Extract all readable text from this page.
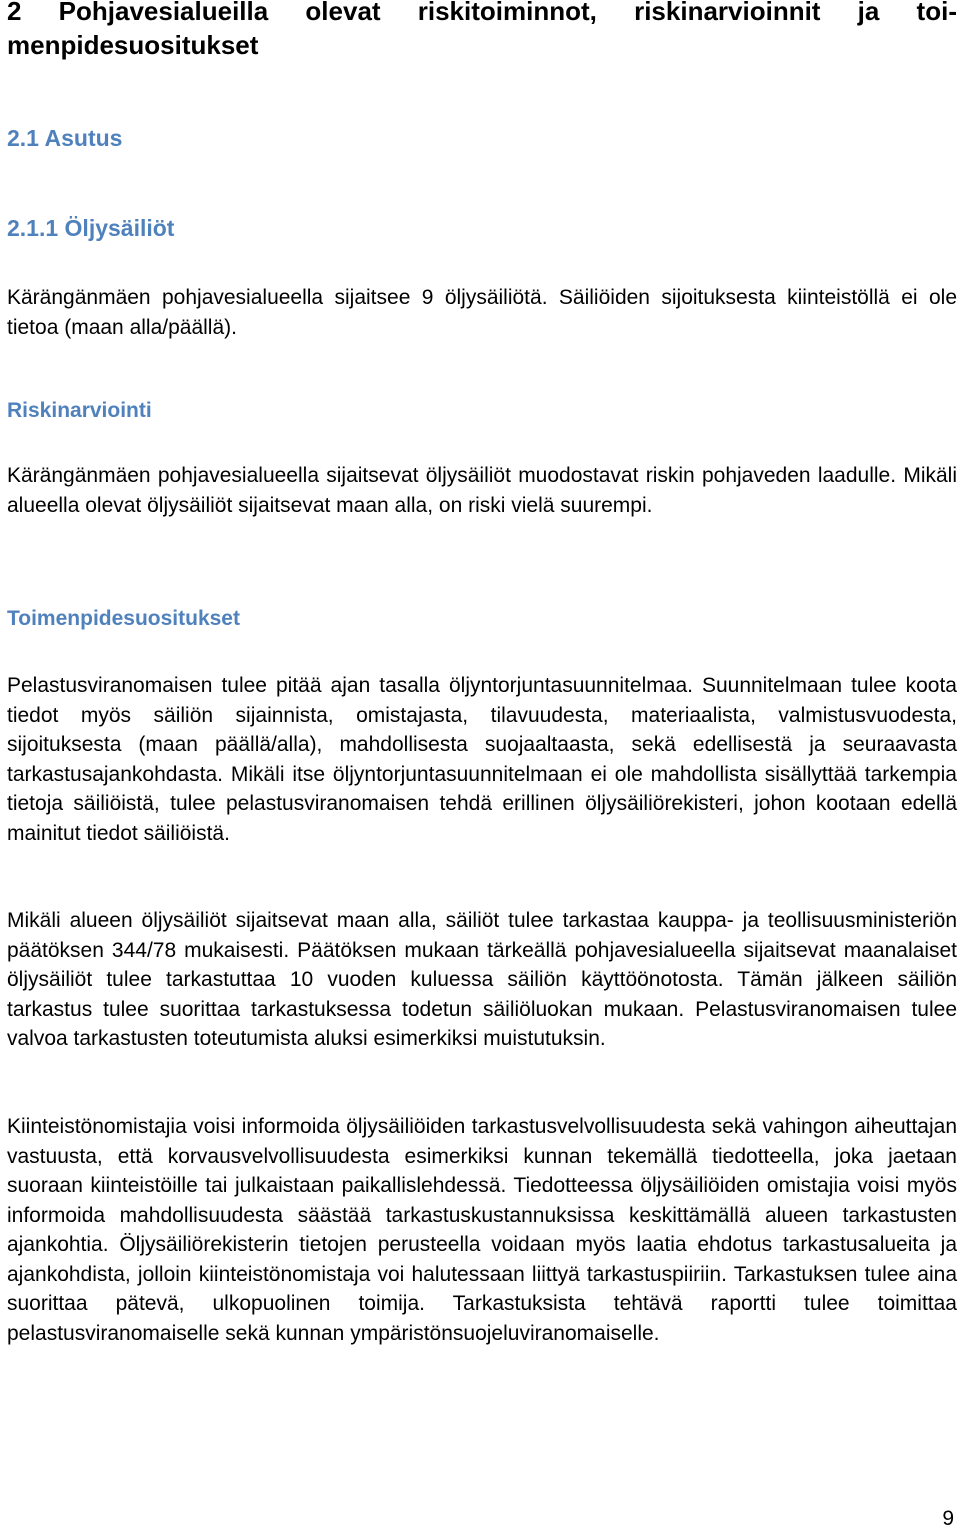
2 Pohjavesialueilla olevat riskitoiminnot, riskinarvioinnit ja toimenpidesuositukset
2.1 Asutus
2.1.1 Öljysäiliöt

Kärängänmäen pohjavesialueella sijaitsee 9 öljysäiliötä. Säiliöiden sijoituksesta kiinteistöllä ei ole tietoa (maan alla/päällä).

Riskinarviointi

Kärängänmäen pohjavesialueella sijaitsevat öljysäiliöt muodostavat riskin pohjaveden laadulle. Mikäli alueella olevat öljysäiliöt sijaitsevat maan alla, on riski vielä suurempi.

Toimenpidesuositukset

Pelastusviranomaisen tulee pitää ajan tasalla öljyntorjuntasuunnitelmaa. Suunnitelmaan tulee koota tiedot myös säiliön sijainnista, omistajasta, tilavuudesta, materiaalista, valmistusvuodesta, sijoituksesta (maan päällä/alla), mahdollisesta suojaaltaasta, sekä edellisestä ja seuraavasta tarkastusajankohdasta. Mikäli itse öljyntorjuntasuunnitelmaan ei ole mahdollista sisällyttää tarkempia tietoja säiliöistä, tulee pelastusviranomaisen tehdä erillinen öljysäiliörekisteri, johon kootaan edellä mainitut tiedot säiliöistä.

Mikäli alueen öljysäiliöt sijaitsevat maan alla, säiliöt tulee tarkastaa kauppa- ja teollisuusministeriön päätöksen 344/78 mukaisesti. Päätöksen mukaan tärkeällä pohjavesialueella sijaitsevat maanalaiset öljysäiliöt tulee tarkastuttaa 10 vuoden kuluessa säiliön käyttöönotosta. Tämän jälkeen säiliön tarkastus tulee suorittaa tarkastuksessa todetun säiliöluokan mukaan. Pelastusviranomaisen tulee valvoa tarkastusten toteutumista aluksi esimerkiksi muistutuksin.

Kiinteistönomistajia voisi informoida öljysäiliöiden tarkastusvelvollisuudesta sekä vahingon aiheuttajan vastuusta, että korvausvelvollisuudesta esimerkiksi kunnan tekemällä tiedotteella, joka jaetaan suoraan kiinteistöille tai julkaistaan paikallislehdessä. Tiedotteessa öljysäiliöiden omistajia voisi myös informoida mahdollisuudesta säästää tarkastuskustannuksissa keskittämällä alueen tarkastusten ajankohtia. Öljysäiliörekisterin tietojen perusteella voidaan myös laatia ehdotus tarkastusalueita ja ajankohdista, jolloin kiinteistönomistaja voi halutessaan liittyä tarkastuspiiriin. Tarkastuksen tulee aina suorittaa pätevä, ulkopuolinen toimija. Tarkastuksista tehtävä raportti tulee toimittaa pelastusviranomaiselle sekä kunnan ympäristönsuojeluviranomaiselle.

9
